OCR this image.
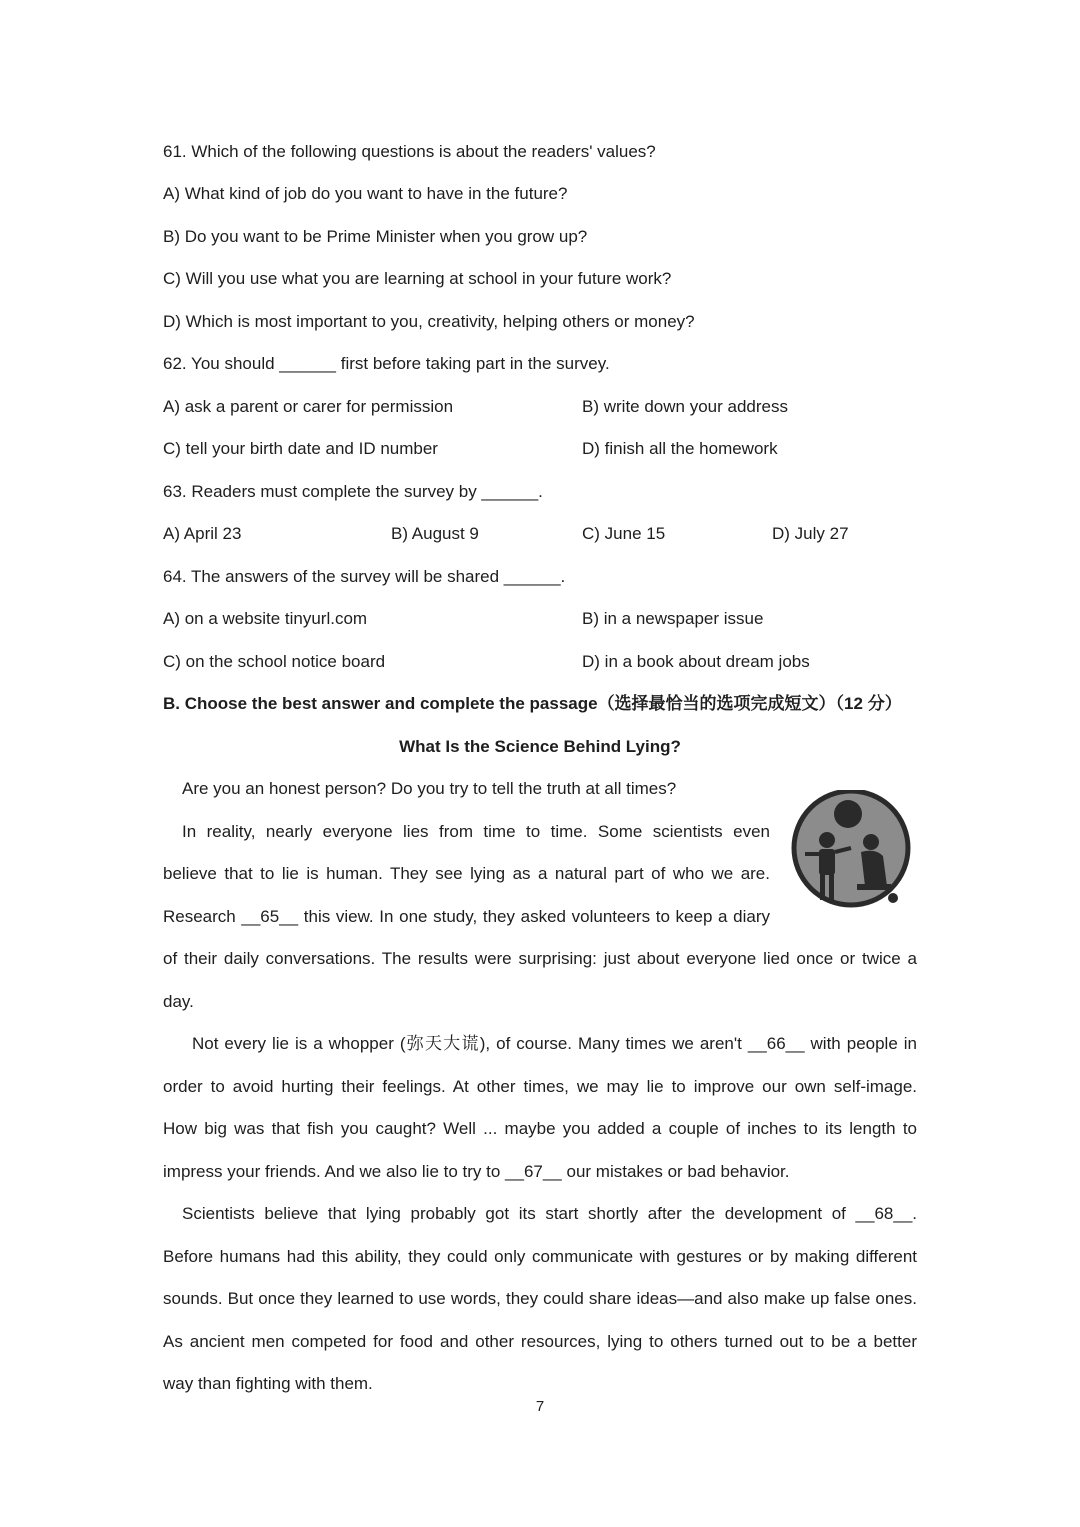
61. Which of the following questions is about the readers' values?
A) What kind of job do you want to have in the future?
B) Do you want to be Prime Minister when you grow up?
C) Will you use what you are learning at school in your future work?
D) Which is most important to you, creativity, helping others or money?
62. You should ______ first before taking part in the survey.
A) ask a parent or carer for permission	B) write down your address
C) tell your birth date and ID number	D) finish all the homework
63. Readers must complete the survey by ______.
A) April 23	B) August 9	C) June 15	D) July 27
64. The answers of the survey will be shared ______.
A) on a website tinyurl.com	B) in a newspaper issue
C) on the school notice board	D) in a book about dream jobs
B. Choose the best answer and complete the passage（选择最恰当的选项完成短文）（12 分）
What Is the Science Behind Lying?
Are you an honest person? Do you try to tell the truth at all times?
In reality, nearly everyone lies from time to time. Some scientists even
believe that to lie is human. They see lying as a natural part of who we are.
Research __65__ this view. In one study, they asked volunteers to keep a diary
of their daily conversations. The results were surprising: just about everyone lied once or twice a
day.
Not every lie is a whopper (弥天大谎), of course. Many times we aren't __66__ with people in
order to avoid hurting their feelings. At other times, we may lie to improve our own self-image.
How big was that fish you caught? Well ... maybe you added a couple of inches to its length to
impress your friends. And we also lie to try to __67__ our mistakes or bad behavior.
Scientists believe that lying probably got its start shortly after the development of __68__.
Before humans had this ability, they could only communicate with gestures or by making different
sounds. But once they learned to use words, they could share ideas—and also make up false ones.
As ancient men competed for food and other resources, lying to others turned out to be a better
way than fighting with them.
7
